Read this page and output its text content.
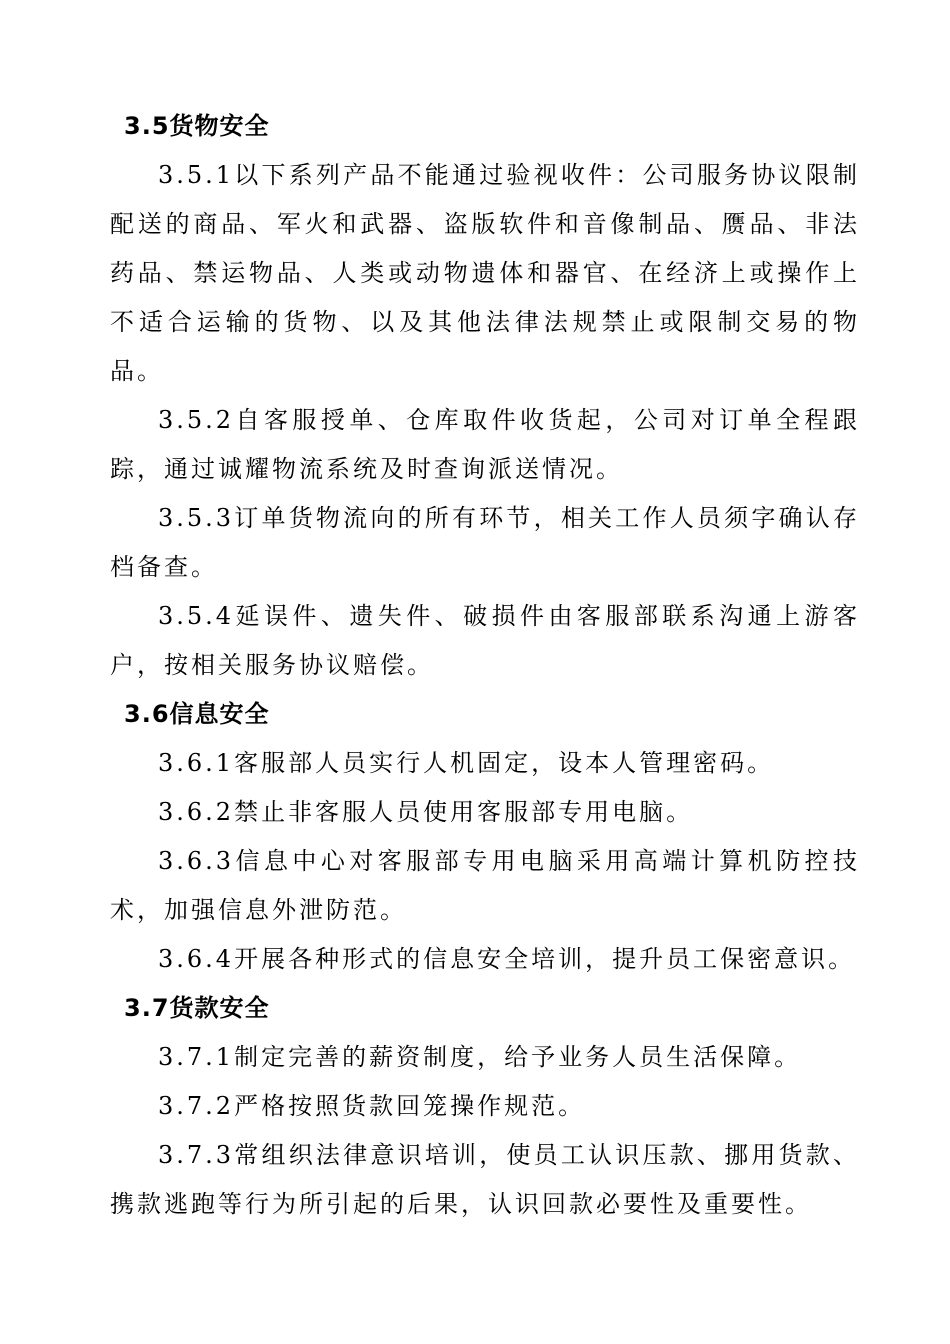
3.5货物安全

3.5.1以下系列产品不能通过验视收件：公司服务协议限制配送的商品、军火和武器、盗版软件和音像制品、赝品、非法药品、禁运物品、人类或动物遗体和器官、在经济上或操作上不适合运输的货物、以及其他法律法规禁止或限制交易的物品。

3.5.2自客服授单、仓库取件收货起，公司对订单全程跟踪，通过诚耀物流系统及时查询派送情况。

3.5.3订单货物流向的所有环节，相关工作人员须字确认存档备查。

3.5.4延误件、遗失件、破损件由客服部联系沟通上游客户，按相关服务协议赔偿。

3.6信息安全

3.6.1客服部人员实行人机固定，设本人管理密码。

3.6.2禁止非客服人员使用客服部专用电脑。

3.6.3信息中心对客服部专用电脑采用高端计算机防控技术，加强信息外泄防范。

3.6.4开展各种形式的信息安全培训，提升员工保密意识。

3.7货款安全

3.7.1制定完善的薪资制度，给予业务人员生活保障。

3.7.2严格按照货款回笼操作规范。

3.7.3常组织法律意识培训，使员工认识压款、挪用货款、携款逃跑等行为所引起的后果，认识回款必要性及重要性。
